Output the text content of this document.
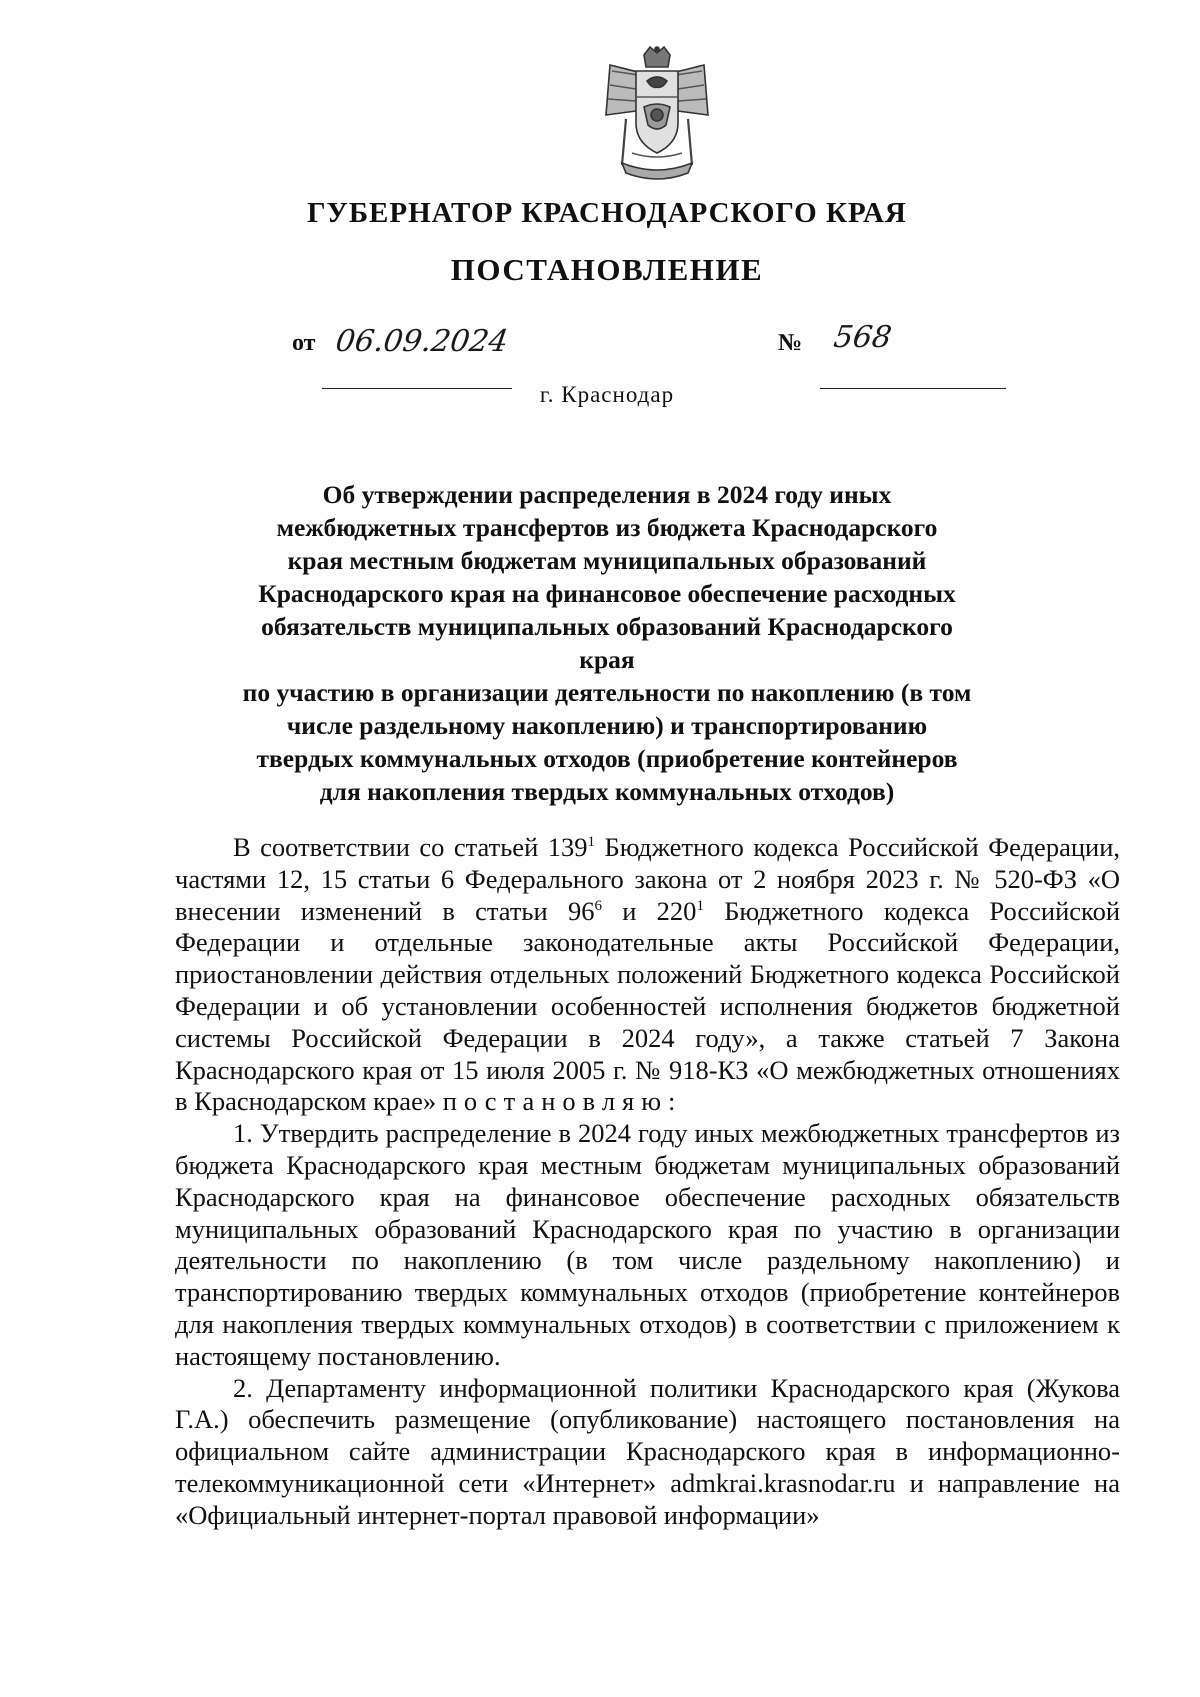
ГУБЕРНАТОР КРАСНОДАРСКОГО КРАЯ
ПОСТАНОВЛЕНИЕ
от 06.09.2024	№ 568
г. Краснодар
Об утверждении распределения в 2024 году иных
межбюджетных трансфертов из бюджета Краснодарского
края местным бюджетам муниципальных образований
Краснодарского края на финансовое обеспечение расходных
обязательств муниципальных образований Краснодарского края
по участию в организации деятельности по накоплению (в том
числе раздельному накоплению) и транспортированию
твердых коммунальных отходов (приобретение контейнеров
для накопления твердых коммунальных отходов)

В соответствии со статьей $139^1$ Бюджетного кодекса Российской Федерации, частями 12, 15 статьи 6 Федерального закона от 2 ноября 2023 г. № 520-ФЗ «О внесении изменений в статьи $96^6$ и $220^1$ Бюджетного кодекса Российской Федерации и отдельные законодательные акты Российской Федерации, приостановлении действия отдельных положений Бюджетного кодекса Российской Федерации и об установлении особенностей исполнения бюджетов бюджетной системы Российской Федерации в 2024 году», а также статьей 7 Закона Краснодарского края от 15 июля 2005 г. № 918-КЗ «О межбюджетных отношениях в Краснодарском крае» постановляю:

1. Утвердить распределение в 2024 году иных межбюджетных трансфертов из бюджета Краснодарского края местным бюджетам муниципальных образований Краснодарского края на финансовое обеспечение расходных обязательств муниципальных образований Краснодарского края по участию в организации деятельности по накоплению (в том числе раздельному накоплению) и транспортированию твердых коммунальных отходов (приобретение контейнеров для накопления твердых коммунальных отходов) в соответствии с приложением к настоящему постановлению.

2. Департаменту информационной политики Краснодарского края (Жукова Г.А.) обеспечить размещение (опубликование) настоящего постановления на официальном сайте администрации Краснодарского края в информационно-телекоммуникационной сети «Интернет» admkrai.krasnodar.ru и направление на «Официальный интернет-портал правовой информации»
